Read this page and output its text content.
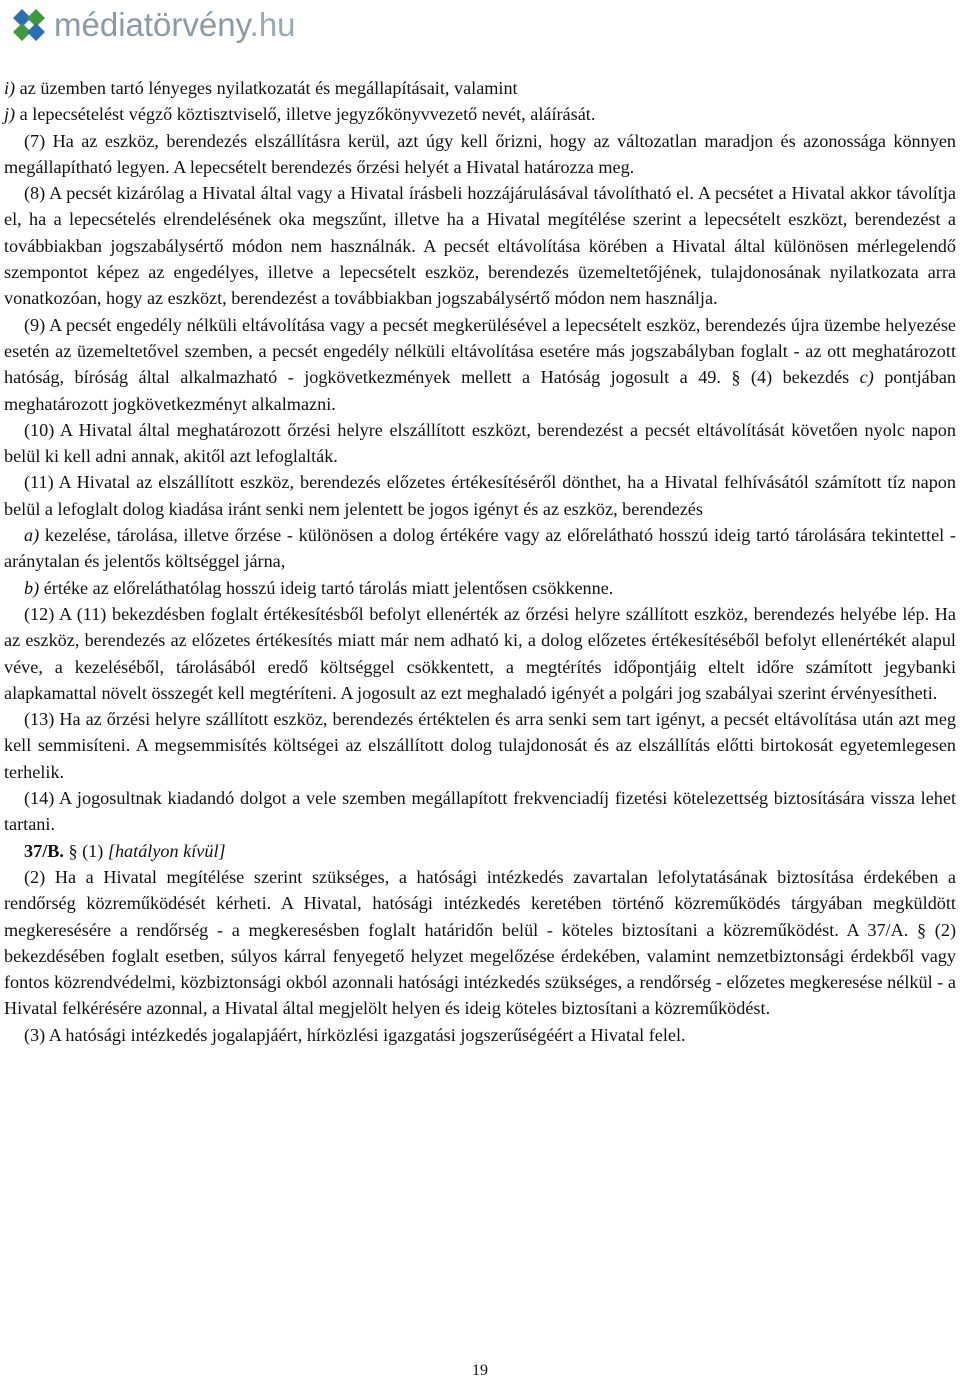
médiatörvény.hu

i) az üzemben tartó lényeges nyilatkozatát és megállapításait, valamint

j) a lepecsételést végző köztisztviselő, illetve jegyzőkönyvvezető nevét, aláírását.

(7) Ha az eszköz, berendezés elszállításra kerül, azt úgy kell őrizni, hogy az változatlan maradjon és azonossága könnyen megállapítható legyen. A lepecsételt berendezés őrzési helyét a Hivatal határozza meg.

(8) A pecsét kizárólag a Hivatal által vagy a Hivatal írásbeli hozzájárulásával távolítható el. A pecsétet a Hivatal akkor távolítja el, ha a lepecsételés elrendelésének oka megszűnt, illetve ha a Hivatal megítélése szerint a lepecsételt eszközt, berendezést a továbbiakban jogszabálysértő módon nem használnák. A pecsét eltávolítása körében a Hivatal által különösen mérlegelendő szempontot képez az engedélyes, illetve a lepecsételt eszköz, berendezés üzemeltetőjének, tulajdonosának nyilatkozata arra vonatkozóan, hogy az eszközt, berendezést a továbbiakban jogszabálysértő módon nem használja.

(9) A pecsét engedély nélküli eltávolítása vagy a pecsét megkerülésével a lepecsételt eszköz, berendezés újra üzembe helyezése esetén az üzemeltetővel szemben, a pecsét engedély nélküli eltávolítása esetére más jogszabályban foglalt - az ott meghatározott hatóság, bíróság által alkalmazható - jogkövetkezmények mellett a Hatóság jogosult a 49. § (4) bekezdés c) pontjában meghatározott jogkövetkezményt alkalmazni.

(10) A Hivatal által meghatározott őrzési helyre elszállított eszközt, berendezést a pecsét eltávolítását követően nyolc napon belül ki kell adni annak, akitől azt lefoglalták.

(11) A Hivatal az elszállított eszköz, berendezés előzetes értékesítéséről dönthet, ha a Hivatal felhívásától számított tíz napon belül a lefoglalt dolog kiadása iránt senki nem jelentett be jogos igényt és az eszköz, berendezés

a) kezelése, tárolása, illetve őrzése - különösen a dolog értékére vagy az előrelátható hosszú ideig tartó tárolására tekintettel - aránytalan és jelentős költséggel járna,

b) értéke az előreláthatólag hosszú ideig tartó tárolás miatt jelentősen csökkenne.

(12) A (11) bekezdésben foglalt értékesítésből befolyt ellenérték az őrzési helyre szállított eszköz, berendezés helyébe lép. Ha az eszköz, berendezés az előzetes értékesítés miatt már nem adható ki, a dolog előzetes értékesítéséből befolyt ellenértékét alapul véve, a kezeléséből, tárolásából eredő költséggel csökkentett, a megtérítés időpontjáig eltelt időre számított jegybanki alapkamattal növelt összegét kell megtéríteni. A jogosult az ezt meghaladó igényét a polgári jog szabályai szerint érvényesítheti.

(13) Ha az őrzési helyre szállított eszköz, berendezés értéktelen és arra senki sem tart igényt, a pecsét eltávolítása után azt meg kell semmisíteni. A megsemmisítés költségei az elszállított dolog tulajdonosát és az elszállítás előtti birtokosát egyetemlegesen terhelik.

(14) A jogosultnak kiadandó dolgot a vele szemben megállapított frekvenciadíj fizetési kötelezettség biztosítására vissza lehet tartani.

37/B. § (1) [hatályon kívül]

(2) Ha a Hivatal megítélése szerint szükséges, a hatósági intézkedés zavartalan lefolytatásának biztosítása érdekében a rendőrség közreműködését kérheti. A Hivatal, hatósági intézkedés keretében történő közreműködés tárgyában megküldött megkeresésére a rendőrség - a megkeresésben foglalt határidőn belül - köteles biztosítani a közreműködést. A 37/A. § (2) bekezdésében foglalt esetben, súlyos kárral fenyegető helyzet megelőzése érdekében, valamint nemzetbiztonsági érdekből vagy fontos közrendvédelmi, közbiztonsági okból azonnali hatósági intézkedés szükséges, a rendőrség - előzetes megkeresése nélkül - a Hivatal felkérésére azonnal, a Hivatal által megjelölt helyen és ideig köteles biztosítani a közreműködést.

(3) A hatósági intézkedés jogalapjáért, hírközlési igazgatási jogszerűségéért a Hivatal felel.

19
